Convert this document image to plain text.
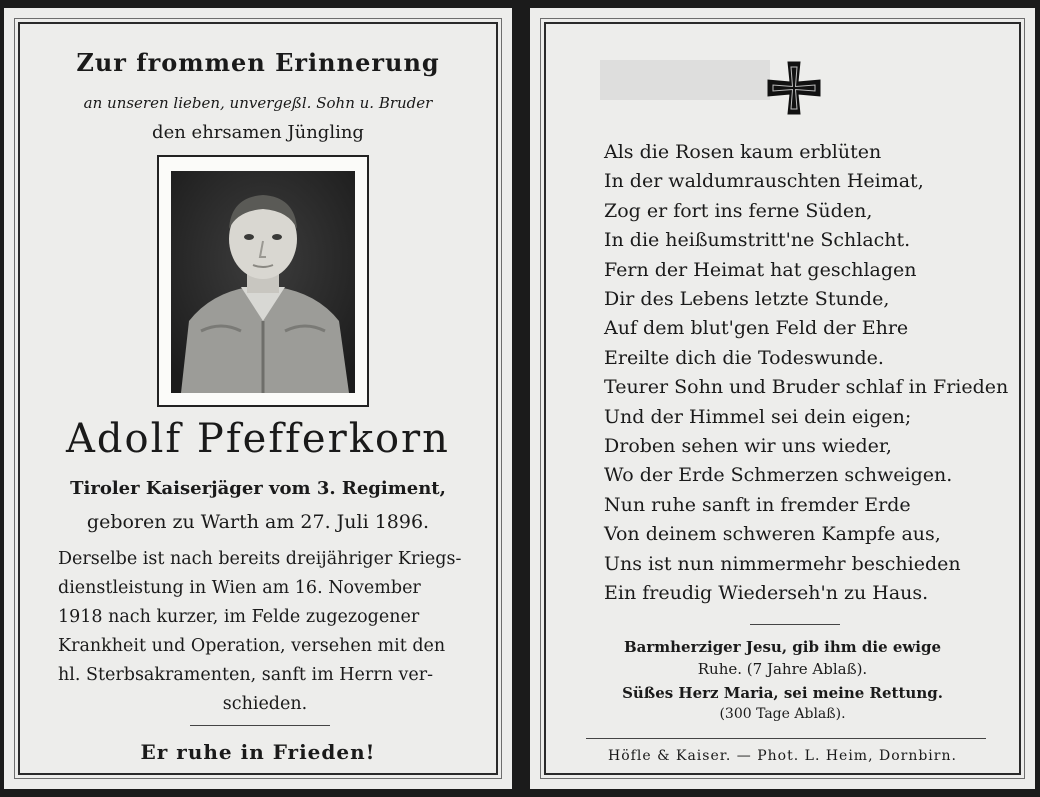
Zur frommen Erinnerung
an unseren lieben, unvergeßl. Sohn u. Bruder
den ehrsamen Jüngling
Adolf Pfefferkorn
Tiroler Kaiserjäger vom 3. Regiment,
geboren zu Warth am 27. Juli 1896.
Derselbe ist nach bereits dreijähriger Kriegs-
dienstleistung in Wien am 16. November
1918 nach kurzer, im Felde zugezogener
Krankheit und Operation, versehen mit den
hl. Sterbsakramenten, sanft im Herrn ver-
schieden.
Er ruhe in Frieden!
Als die Rosen kaum erblüten
In der waldumrauschten Heimat,
Zog er fort ins ferne Süden,
In die heißumstritt'ne Schlacht.
Fern der Heimat hat geschlagen
Dir des Lebens letzte Stunde,
Auf dem blut'gen Feld der Ehre
Ereilte dich die Todeswunde.
Teurer Sohn und Bruder schlaf in Frieden
Und der Himmel sei dein eigen;
Droben sehen wir uns wieder,
Wo der Erde Schmerzen schweigen.
Nun ruhe sanft in fremder Erde
Von deinem schweren Kampfe aus,
Uns ist nun nimmermehr beschieden
Ein freudig Wiederseh'n zu Haus.
Barmherziger Jesu, gib ihm die ewige
Ruhe. (7 Jahre Ablaß).
Süßes Herz Maria, sei meine Rettung.
(300 Tage Ablaß).
Höfle & Kaiser. — Phot. L. Heim, Dornbirn.
